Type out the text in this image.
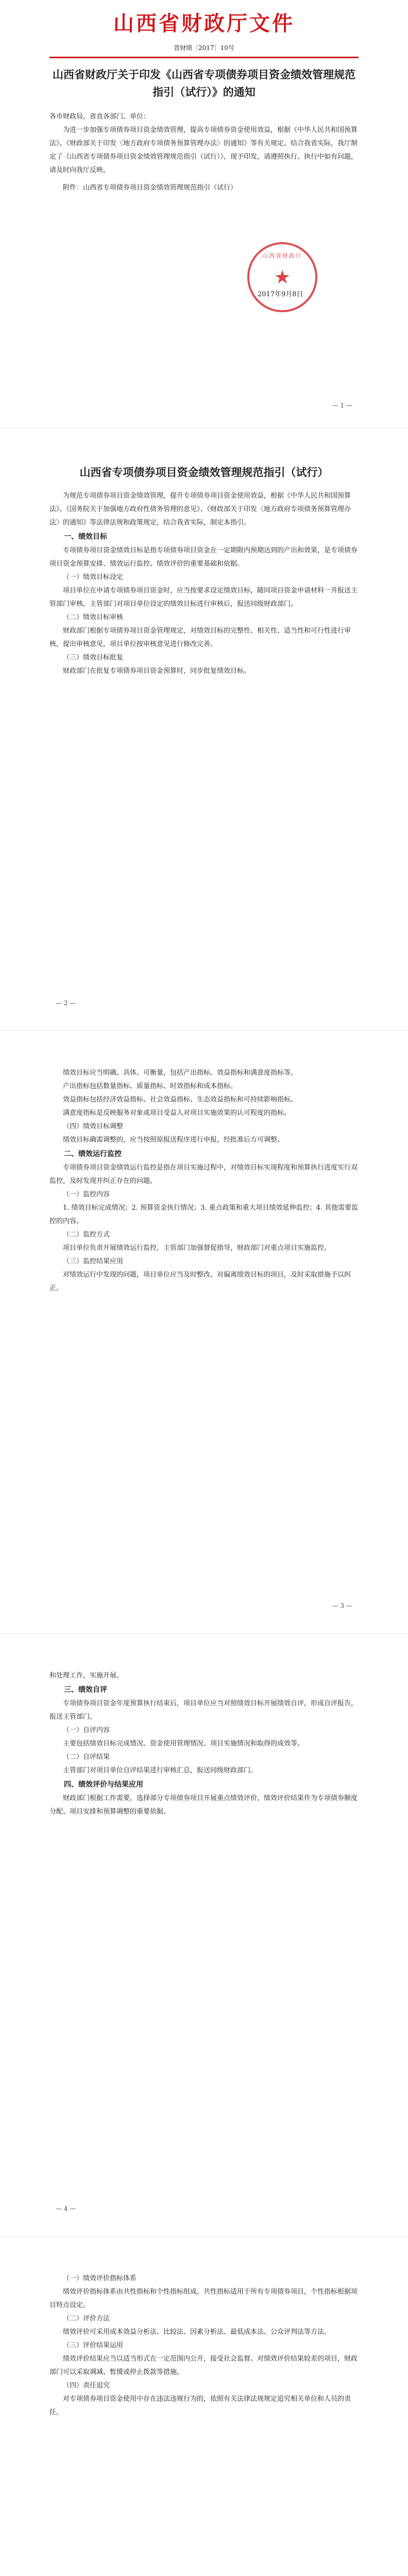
山西省财政厅文件
晋财绩〔2017〕10号
山西省财政厅关于印发《山西省专项债券项目资金绩效管理规范指引（试行）》的通知

各市财政局，省直各部门、单位：

为进一步加强专项债券项目资金绩效管理，提高专项债券资金使用效益，根据《中华人民共和国预算法》、《财政部关于印发〈地方政府专项债务预算管理办法〉的通知》等有关规定，结合我省实际，我厅制定了《山西省专项债券项目资金绩效管理规范指引（试行）》，现予印发，请遵照执行。执行中如有问题，请及时向我厅反映。

附件：山西省专项债券项目资金绩效管理规范指引（试行）

山西省财政厅
★
2017年9月8日
— 1 —
山西省专项债券项目资金绩效管理规范指引（试行）

为规范专项债券项目资金绩效管理，提升专项债券项目资金使用效益，根据《中华人民共和国预算法》、《国务院关于加强地方政府性债务管理的意见》、《财政部关于印发〈地方政府专项债务预算管理办法〉的通知》等法律法规和政策规定，结合我省实际，制定本指引。

一、绩效目标

专项债券项目资金绩效目标是指专项债券项目资金在一定期限内预期达到的产出和效果，是专项债券项目资金预算安排、绩效运行监控、绩效评价的重要基础和依据。

（一）绩效目标设定

项目单位在申请专项债券项目资金时，应当按要求设定绩效目标，随同项目资金申请材料一并报送主管部门审核。主管部门对项目单位设定的绩效目标进行审核后，报送同级财政部门。

（二）绩效目标审核

财政部门根据专项债券项目资金管理规定，对绩效目标的完整性、相关性、适当性和可行性进行审核，提出审核意见，项目单位按审核意见进行修改完善。

（三）绩效目标批复

财政部门在批复专项债券项目资金预算时，同步批复绩效目标。

— 2 —

绩效目标应当明确、具体、可衡量，包括产出指标、效益指标和满意度指标等。

产出指标包括数量指标、质量指标、时效指标和成本指标。

效益指标包括经济效益指标、社会效益指标、生态效益指标和可持续影响指标。

满意度指标是反映服务对象或项目受益人对项目实施效果的认可程度的指标。

（四）绩效目标调整

绩效目标确需调整的，应当按照原报送程序进行申报，经批准后方可调整。

二、绩效运行监控

专项债券项目资金绩效运行监控是指在项目实施过程中，对绩效目标实现程度和预算执行进度实行双监控，及时发现并纠正存在的问题。

（一）监控内容

1. 绩效目标完成情况；2. 预算资金执行情况；3. 重点政策和重大项目绩效延伸监控；4. 其他需要监控的内容。

（二）监控方式

项目单位负责开展绩效运行监控，主管部门加强督促指导，财政部门对重点项目实施监控。

（三）监控结果应用

对绩效运行中发现的问题，项目单位应当及时整改。对偏离绩效目标的项目，及时采取措施予以纠正。

— 3 —

和处理工作，实施开展。

三、绩效自评

专项债券项目资金年度预算执行结束后，项目单位应当对照绩效目标开展绩效自评，形成自评报告，报送主管部门。

（一）自评内容

主要包括绩效目标完成情况、资金使用管理情况、项目实施情况和取得的成效等。

（二）自评结果

主管部门对项目单位自评结果进行审核汇总，报送同级财政部门。

四、绩效评价与结果应用

财政部门根据工作需要，选择部分专项债券项目开展重点绩效评价。绩效评价结果作为专项债券额度分配、项目安排和预算调整的重要依据。

— 4 —

（一）绩效评价指标体系

绩效评价指标体系由共性指标和个性指标组成。共性指标适用于所有专项债券项目，个性指标根据项目特点设定。

（二）评价方法

绩效评价可采用成本效益分析法、比较法、因素分析法、最低成本法、公众评判法等方法。

（三）评价结果运用

绩效评价结果应当以适当形式在一定范围内公开，接受社会监督。对绩效评价结果较差的项目，财政部门可以采取调减、暂缓或停止拨款等措施。

（四）责任追究

对专项债券项目资金使用中存在违法违规行为的，依照有关法律法规规定追究相关单位和人员的责任。
